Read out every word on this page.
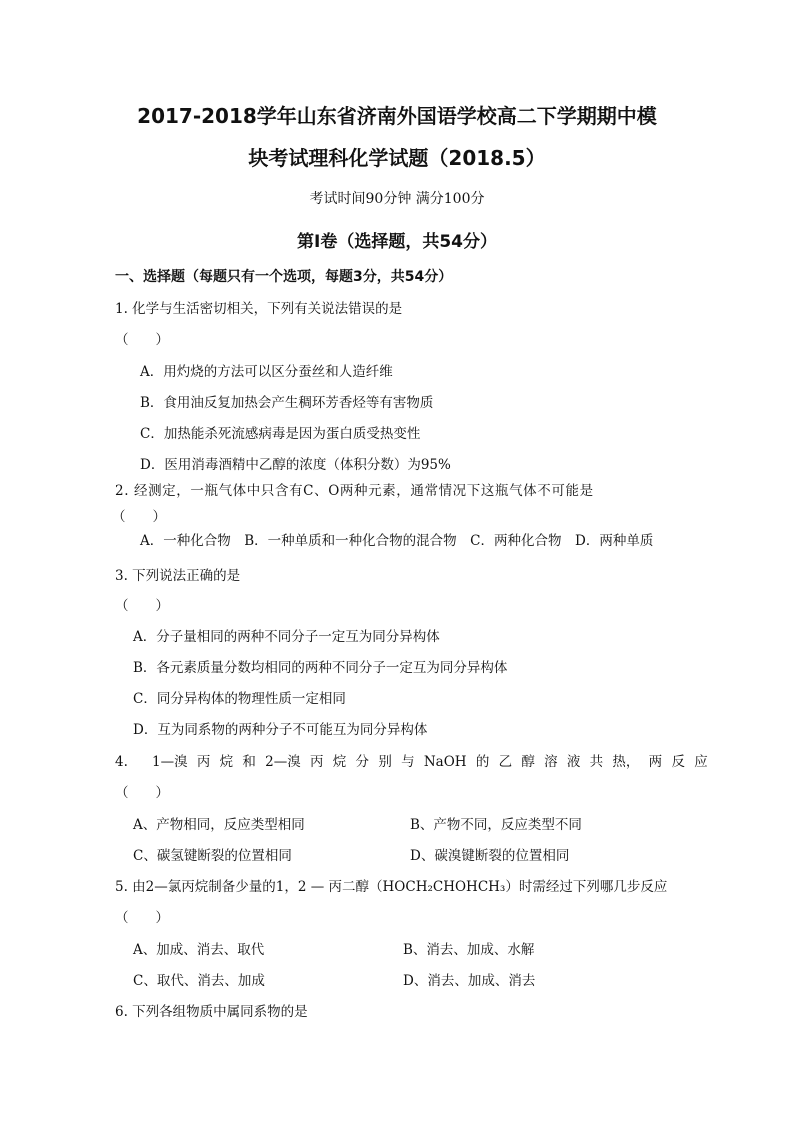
2017-2018学年山东省济南外国语学校高二下学期期中模
块考试理科化学试题（2018.5）
考试时间90分钟 满分100分
第Ⅰ卷（选择题，共54分）
一、选择题（每题只有一个选项，每题3分，共54分）
1. 化学与生活密切相关，下列有关说法错误的是
（　　）
A．用灼烧的方法可以区分蚕丝和人造纤维
B．食用油反复加热会产生稠环芳香烃等有害物质
C．加热能杀死流感病毒是因为蛋白质受热变性
D．医用消毒酒精中乙醇的浓度（体积分数）为95%
2. 经测定，一瓶气体中只含有C、O两种元素，通常情况下这瓶气体不可能是
（　　）
A．一种化合物　B．一种单质和一种化合物的混合物　C．两种化合物　D．两种单质
3. 下列说法正确的是
（　　）
A．分子量相同的两种不同分子一定互为同分异构体
B．各元素质量分数均相同的两种不同分子一定互为同分异构体
C．同分异构体的物理性质一定相同
D．互为同系物的两种分子不可能互为同分异构体
4. 1—溴 丙 烷 和 2—溴 丙 烷 分 别 与 NaOH 的 乙 醇 溶 液 共 热， 两 反 应
（　　）
A、产物相同，反应类型相同	B、产物不同，反应类型不同
C、碳氢键断裂的位置相同	D、碳溴键断裂的位置相同
5. 由2—氯丙烷制备少量的1，2 — 丙二醇（HOCH₂CHOHCH₃）时需经过下列哪几步反应
（　　）
A、加成、消去、取代	B、消去、加成、水解
C、取代、消去、加成	D、消去、加成、消去
6. 下列各组物质中属同系物的是
